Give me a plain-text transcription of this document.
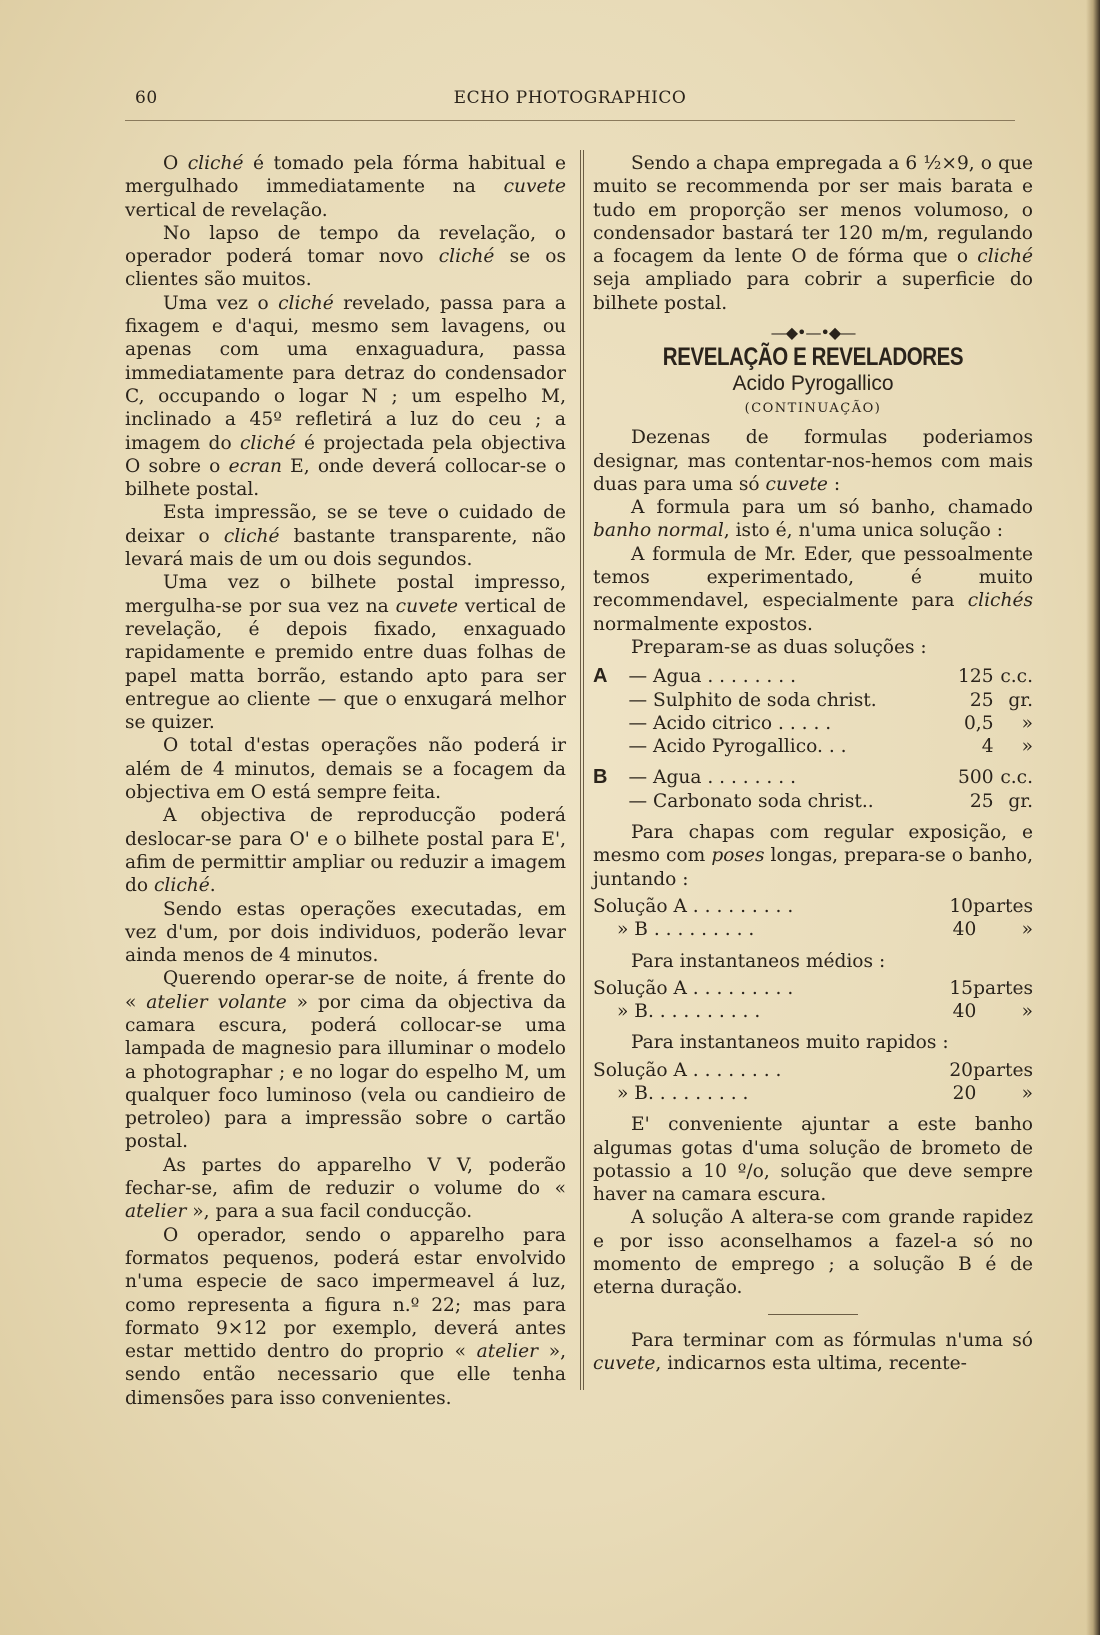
60	ECHO PHOTOGRAPHICO

O cliché é tomado pela fórma habitual e mergulhado immediatamente na cuvete vertical de revelação.

No lapso de tempo da revelação, o operador poderá tomar novo cliché se os clientes são muitos.

Uma vez o cliché revelado, passa para a fixagem e d'aqui, mesmo sem lavagens, ou apenas com uma enxaguadura, passa immediatamente para detraz do condensador C, occupando o logar N ; um espelho M, inclinado a 45º refletirá a luz do ceu ; a imagem do cliché é projectada pela objectiva O sobre o ecran E, onde deverá collocar-se o bilhete postal.

Esta impressão, se se teve o cuidado de deixar o cliché bastante transparente, não levará mais de um ou dois segundos.

Uma vez o bilhete postal impresso, mergulha-se por sua vez na cuvete vertical de revelação, é depois fixado, enxaguado rapidamente e premido entre duas folhas de papel matta borrão, estando apto para ser entregue ao cliente — que o enxugará melhor se quizer.

O total d'estas operações não poderá ir além de 4 minutos, demais se a focagem da objectiva em O está sempre feita.

A objectiva de reproducção poderá deslocar-se para O' e o bilhete postal para E', afim de permittir ampliar ou reduzir a imagem do cliché.

Sendo estas operações executadas, em vez d'um, por dois individuos, poderão levar ainda menos de 4 minutos.

Querendo operar-se de noite, á frente do « atelier volante » por cima da objectiva da camara escura, poderá collocar-se uma lampada de magnesio para illuminar o modelo a photographar ; e no logar do espelho M, um qualquer foco luminoso (vela ou candieiro de petroleo) para a impressão sobre o cartão postal.

As partes do apparelho V V, poderão fechar-se, afim de reduzir o volume do « atelier », para a sua facil conducção.

O operador, sendo o apparelho para formatos pequenos, poderá estar envolvido n'uma especie de saco impermeavel á luz, como representa a figura n.º 22; mas para formato 9×12 por exemplo, deverá antes estar mettido dentro do proprio « atelier », sendo então necessario que elle tenha dimensões para isso convenientes.

Sendo a chapa empregada a 6 ½×9, o que muito se recommenda por ser mais barata e tudo em proporção ser menos volumoso, o condensador bastará ter 120 m/m, regulando a focagem da lente O de fórma que o cliché seja ampliado para cobrir a superficie do bilhete postal.

—◆•—•◆—
REVELAÇÃO E REVELADORES
Acido Pyrogallico
(CONTINUAÇÃO)

Dezenas de formulas poderiamos designar, mas contentar-nos-hemos com mais duas para uma só cuvete :

A formula para um só banho, chamado banho normal, isto é, n'uma unica solução :

A formula de Mr. Eder, que pessoalmente temos experimentado, é muito recommendavel, especialmente para clichés normalmente expostos.

Preparam-se as duas soluções :

A	— Agua . . . . . . . .	125 c.c.
— Sulphito de soda christ.	25 gr.
— Acido citrico . . . . .	0,5	»
— Acido Pyrogallico. . .	4	»
B	— Agua . . . . . . . .	500 c.c.
— Carbonato soda christ..	25 gr.

Para chapas com regular exposição, e mesmo com poses longas, prepara-se o banho, juntando :

Solução A . . . . . . . . .	10 partes
» B . . . . . . . . .	40	»

Para instantaneos médios :

Solução A . . . . . . . . .	15 partes
» B. . . . . . . . . .	40	»

Para instantaneos muito rapidos :

Solução A . . . . . . . .	20 partes
» B. . . . . . . . .	20	»

E' conveniente ajuntar a este banho algumas gotas d'uma solução de brometo de potassio a 10 º/o, solução que deve sempre haver na camara escura.

A solução A altera-se com grande rapidez e por isso aconselhamos a fazel-a só no momento de emprego ; a solução B é de eterna duração.

Para terminar com as fórmulas n'uma só cuvete, indicarnos esta ultima, recente-
